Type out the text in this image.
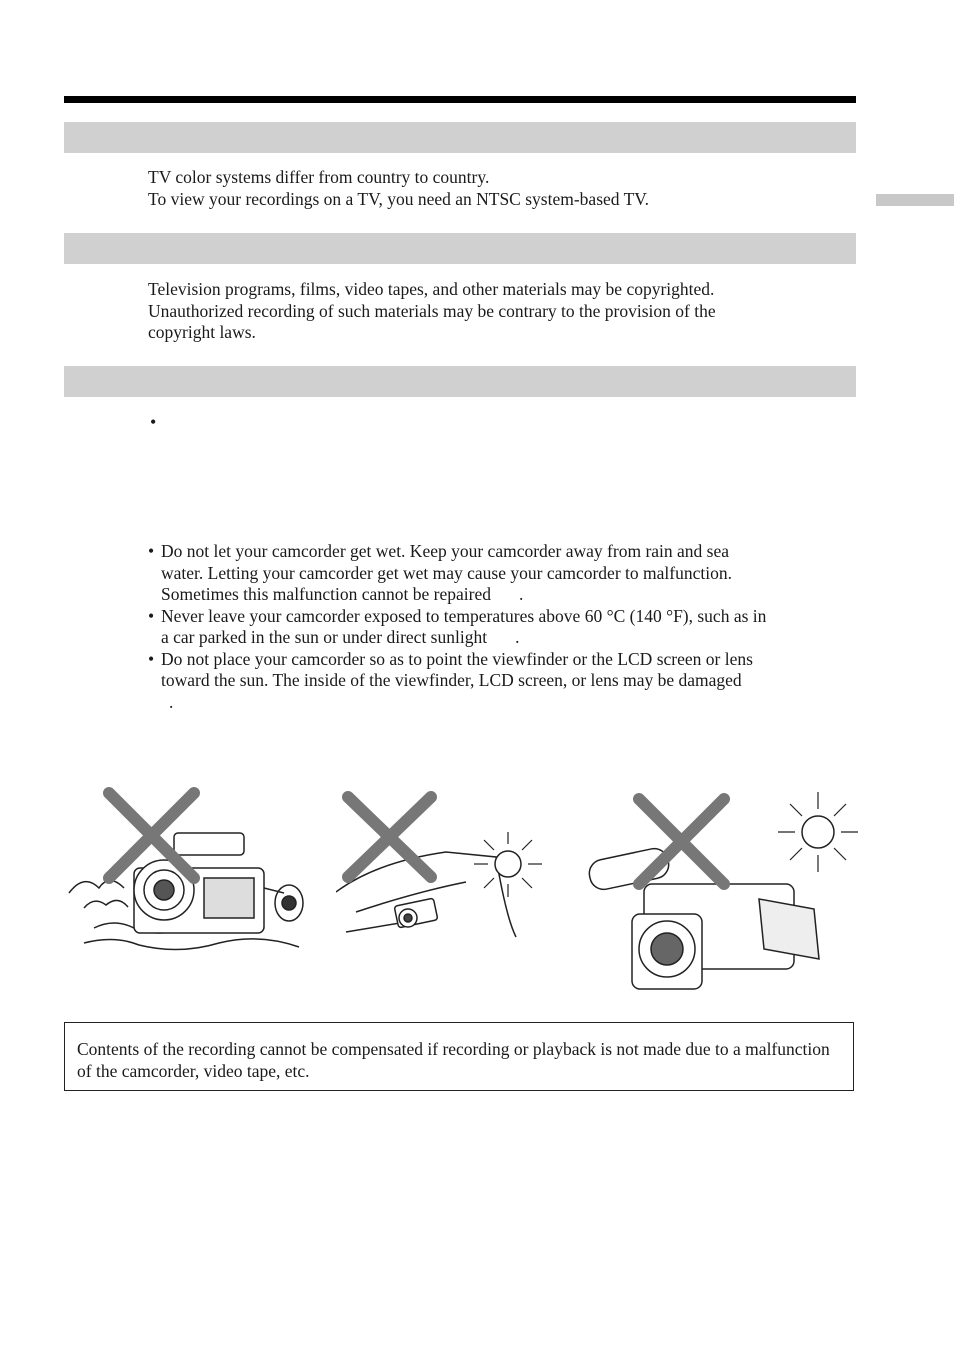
TV color systems differ from country to country.

To view your recordings on a TV, you need an NTSC system-based TV.

Television programs, films, video tapes, and other materials may be copyrighted.

Unauthorized recording of such materials may be contrary to the provision of the

copyright laws.

•
• Do not let your camcorder get wet. Keep your camcorder away from rain and sea
water. Letting your camcorder get wet may cause your camcorder to malfunction.
Sometimes this malfunction cannot be repaired .
• Never leave your camcorder exposed to temperatures above 60 °C (140 °F), such as in
a car parked in the sun or under direct sunlight .
• Do not place your camcorder so as to point the viewfinder or the LCD screen or lens
toward the sun. The inside of the viewfinder, LCD screen, or lens may be damaged
.
Contents of the recording cannot be compensated if recording or playback is not made due to a malfunction of the camcorder, video tape, etc.
